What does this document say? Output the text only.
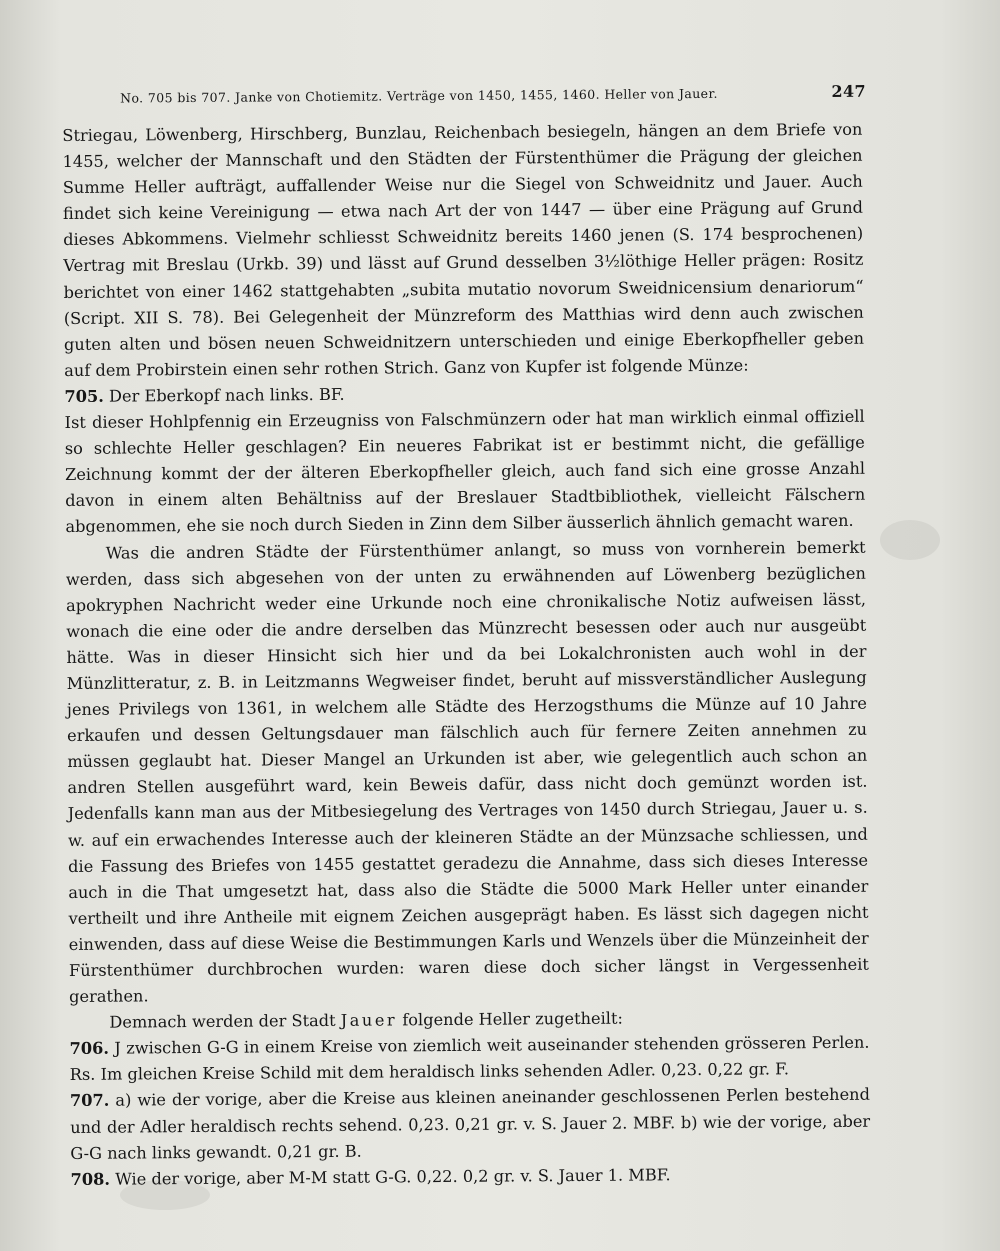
No. 705 bis 707. Janke von Chotiemitz. Verträge von 1450, 1455, 1460. Heller von Jauer.	247

Striegau, Löwenberg, Hirschberg, Bunzlau, Reichenbach besiegeln, hängen an dem Briefe von 1455, welcher der Mannschaft und den Städten der Fürstenthümer die Prägung der gleichen Summe Heller aufträgt, auffallender Weise nur die Siegel von Schweidnitz und Jauer. Auch findet sich keine Vereinigung — etwa nach Art der von 1447 — über eine Prägung auf Grund dieses Abkommens. Vielmehr schliesst Schweidnitz bereits 1460 jenen (S. 174 besprochenen) Vertrag mit Breslau (Urkb. 39) und lässt auf Grund desselben 3½löthige Heller prägen: Rositz berichtet von einer 1462 stattgehabten „subita mutatio novorum Sweidnicensium denariorum“ (Script. XII S. 78). Bei Gelegenheit der Münzreform des Matthias wird denn auch zwischen guten alten und bösen neuen Schweidnitzern unterschieden und einige Eberkopfheller geben auf dem Probirstein einen sehr rothen Strich. Ganz von Kupfer ist folgende Münze:

705. Der Eberkopf nach links. BF.

Ist dieser Hohlpfennig ein Erzeugniss von Falschmünzern oder hat man wirklich einmal offiziell so schlechte Heller geschlagen? Ein neueres Fabrikat ist er bestimmt nicht, die gefällige Zeichnung kommt der der älteren Eberkopfheller gleich, auch fand sich eine grosse Anzahl davon in einem alten Behältniss auf der Breslauer Stadtbibliothek, vielleicht Fälschern abgenommen, ehe sie noch durch Sieden in Zinn dem Silber äusserlich ähnlich gemacht waren.

Was die andren Städte der Fürstenthümer anlangt, so muss von vornherein bemerkt werden, dass sich abgesehen von der unten zu erwähnenden auf Löwenberg bezüglichen apokryphen Nachricht weder eine Urkunde noch eine chronikalische Notiz aufweisen lässt, wonach die eine oder die andre derselben das Münzrecht besessen oder auch nur ausgeübt hätte. Was in dieser Hinsicht sich hier und da bei Lokalchronisten auch wohl in der Münzlitteratur, z. B. in Leitzmanns Wegweiser findet, beruht auf missverständlicher Auslegung jenes Privilegs von 1361, in welchem alle Städte des Herzogsthums die Münze auf 10 Jahre erkaufen und dessen Geltungsdauer man fälschlich auch für fernere Zeiten annehmen zu müssen geglaubt hat. Dieser Mangel an Urkunden ist aber, wie gelegentlich auch schon an andren Stellen ausgeführt ward, kein Beweis dafür, dass nicht doch gemünzt worden ist. Jedenfalls kann man aus der Mitbesiegelung des Vertrages von 1450 durch Striegau, Jauer u. s. w. auf ein erwachendes Interesse auch der kleineren Städte an der Münzsache schliessen, und die Fassung des Briefes von 1455 gestattet geradezu die Annahme, dass sich dieses Interesse auch in die That umgesetzt hat, dass also die Städte die 5000 Mark Heller unter einander vertheilt und ihre Antheile mit eignem Zeichen ausgeprägt haben. Es lässt sich dagegen nicht einwenden, dass auf diese Weise die Bestimmungen Karls und Wenzels über die Münzeinheit der Fürstenthümer durchbrochen wurden: waren diese doch sicher längst in Vergessenheit gerathen.

Demnach werden der Stadt Jauer folgende Heller zugetheilt:

706. J zwischen G-G in einem Kreise von ziemlich weit auseinander stehenden grösseren Perlen. Rs. Im gleichen Kreise Schild mit dem heraldisch links sehenden Adler. 0,23. 0,22 gr. F.

707. a) wie der vorige, aber die Kreise aus kleinen aneinander geschlossenen Perlen bestehend und der Adler heraldisch rechts sehend. 0,23. 0,21 gr. v. S. Jauer 2. MBF. b) wie der vorige, aber G-G nach links gewandt. 0,21 gr. B.

708. Wie der vorige, aber M-M statt G-G. 0,22. 0,2 gr. v. S. Jauer 1. MBF.
